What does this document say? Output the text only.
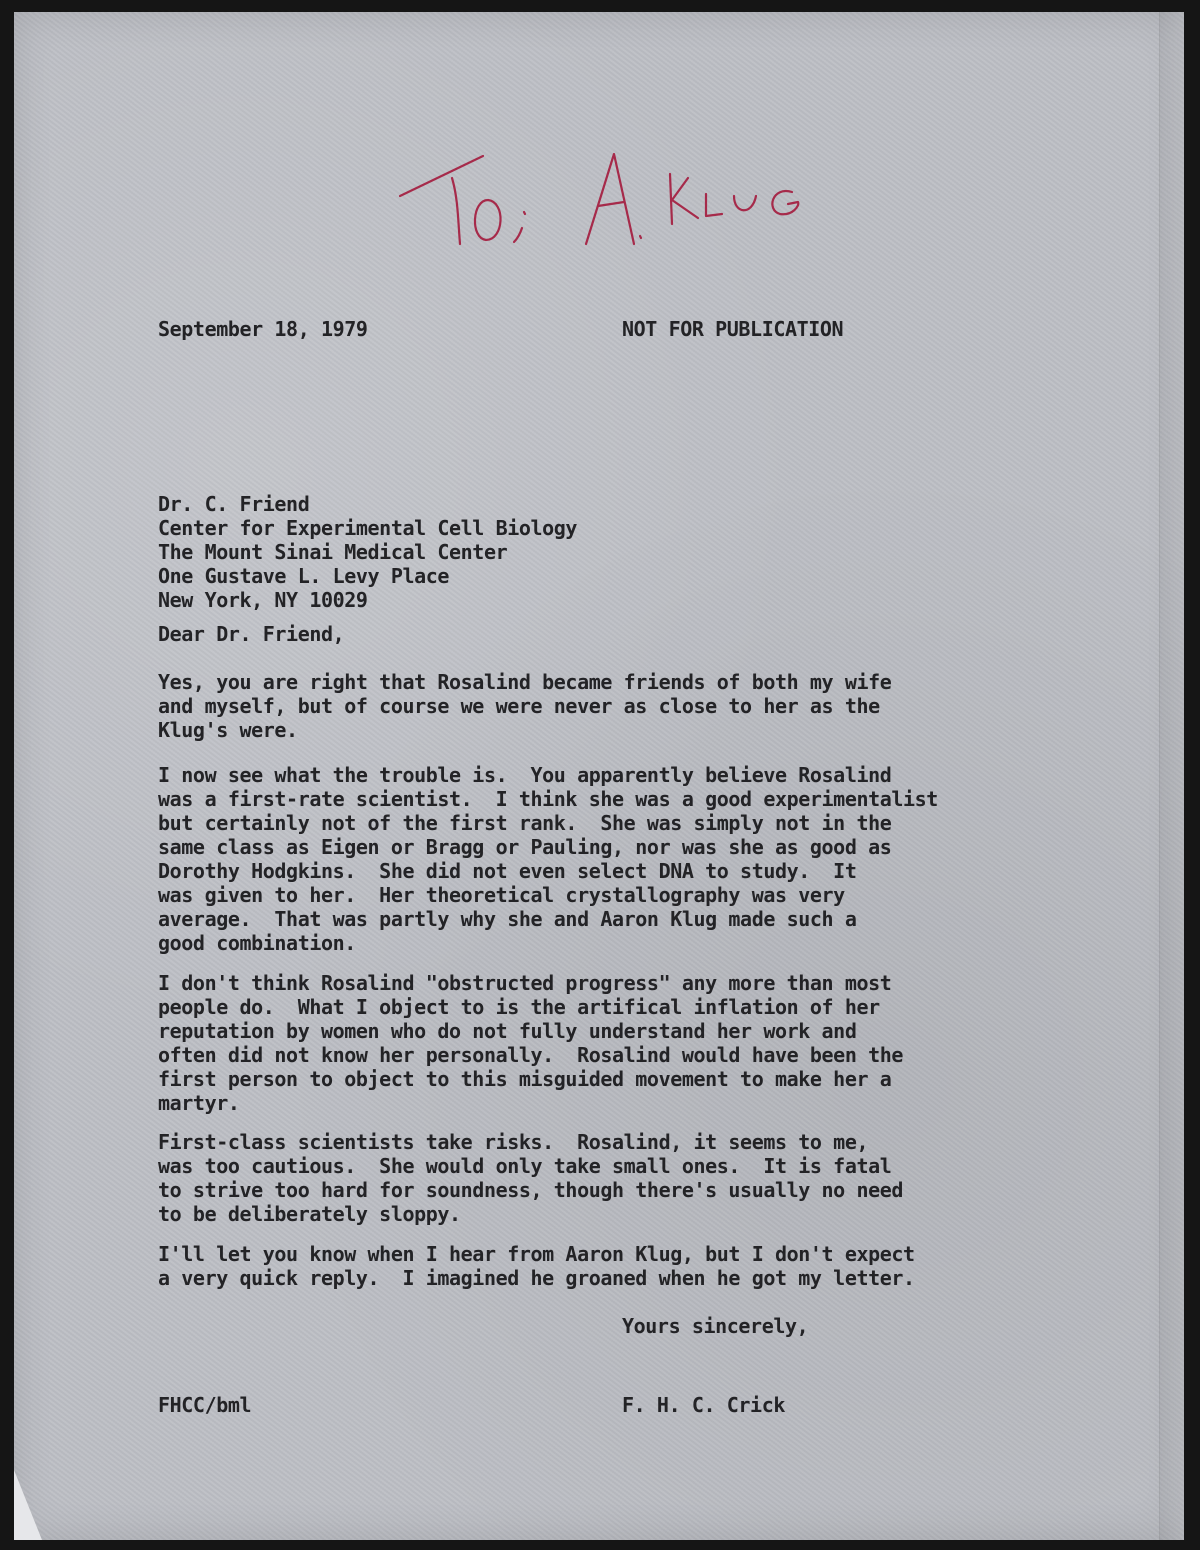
September 18, 1979	NOT FOR PUBLICATION
Dr. C. Friend
Center for Experimental Cell Biology
The Mount Sinai Medical Center
One Gustave L. Levy Place
New York, NY 10029
Dear Dr. Friend,
Yes, you are right that Rosalind became friends of both my wife
and myself, but of course we were never as close to her as the
Klug's were.
I now see what the trouble is.  You apparently believe Rosalind
was a first-rate scientist.  I think she was a good experimentalist
but certainly not of the first rank.  She was simply not in the
same class as Eigen or Bragg or Pauling, nor was she as good as
Dorothy Hodgkins.  She did not even select DNA to study.  It
was given to her.  Her theoretical crystallography was very
average.  That was partly why she and Aaron Klug made such a
good combination.
I don't think Rosalind "obstructed progress" any more than most
people do.  What I object to is the artifical inflation of her
reputation by women who do not fully understand her work and
often did not know her personally.  Rosalind would have been the
first person to object to this misguided movement to make her a
martyr.
First-class scientists take risks.  Rosalind, it seems to me,
was too cautious.  She would only take small ones.  It is fatal
to strive too hard for soundness, though there's usually no need
to be deliberately sloppy.
I'll let you know when I hear from Aaron Klug, but I don't expect
a very quick reply.  I imagined he groaned when he got my letter.
Yours sincerely,
FHCC/bml	F. H. C. Crick
